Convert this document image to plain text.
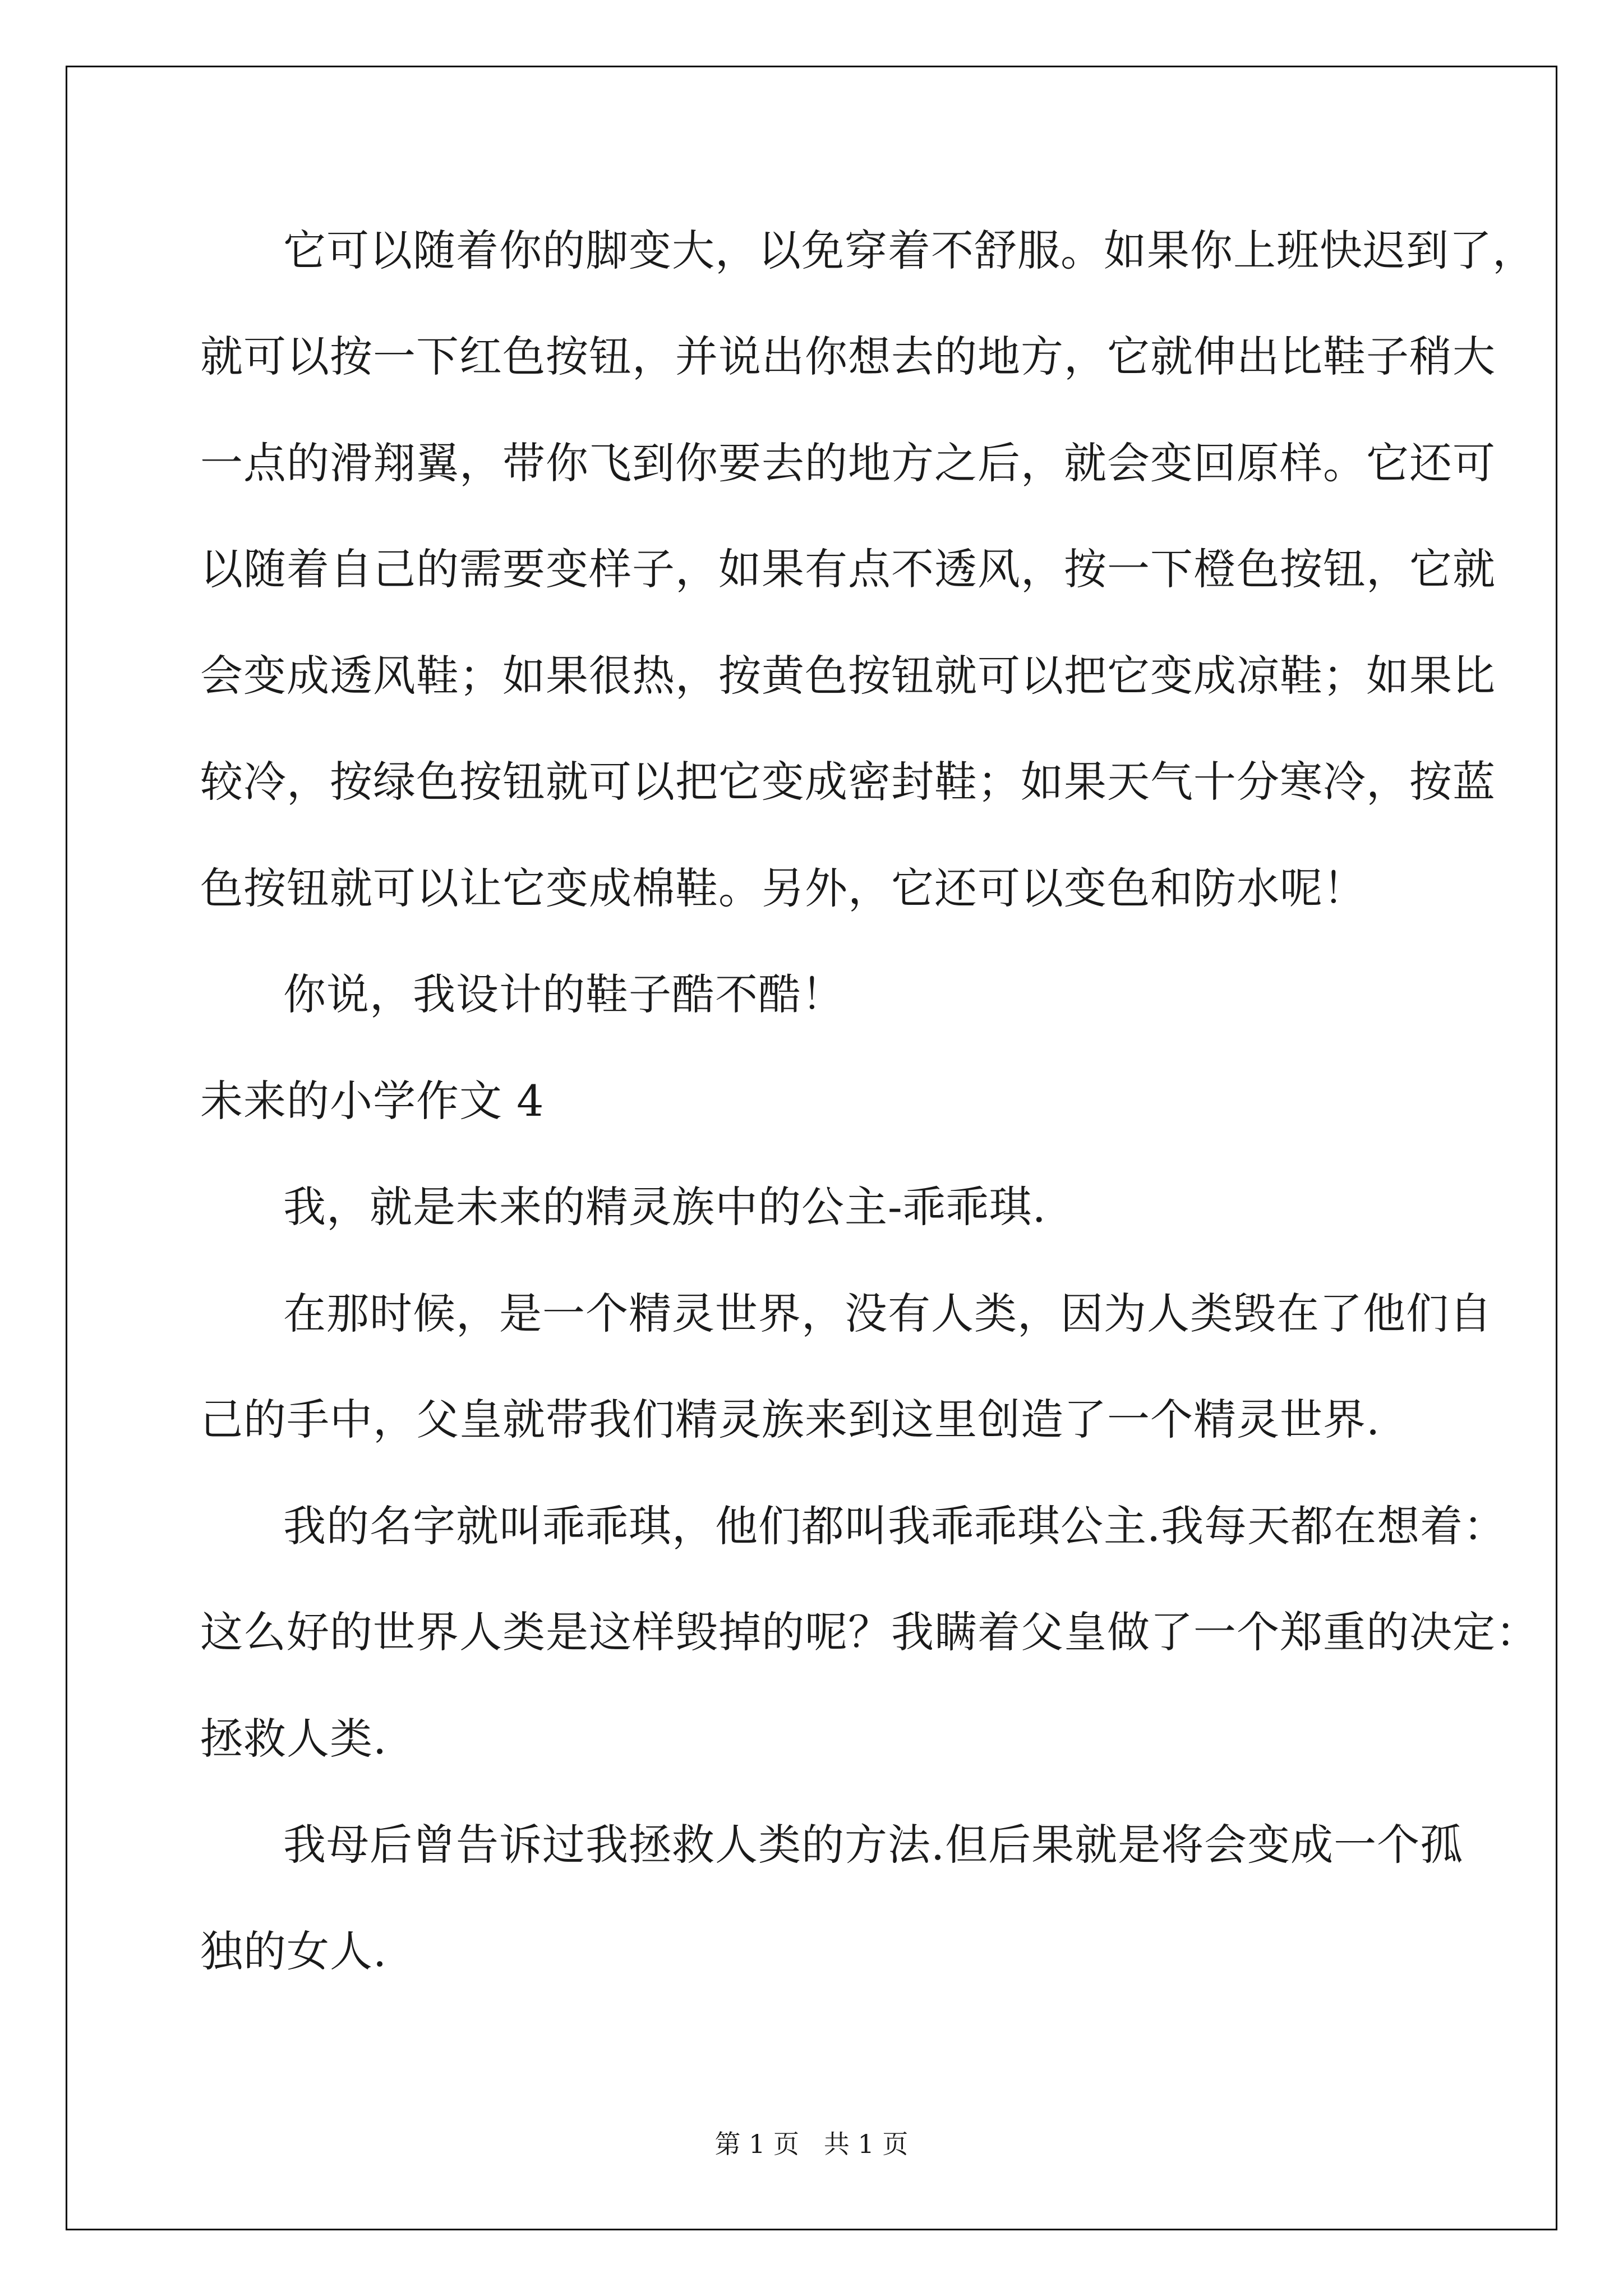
它可以随着你的脚变大，以免穿着不舒服。如果你上班快迟到了，
就可以按一下红色按钮，并说出你想去的地方，它就伸出比鞋子稍大
一点的滑翔翼，带你飞到你要去的地方之后，就会变回原样。它还可
以随着自己的需要变样子，如果有点不透风，按一下橙色按钮，它就
会变成透风鞋；如果很热，按黄色按钮就可以把它变成凉鞋；如果比
较冷，按绿色按钮就可以把它变成密封鞋；如果天气十分寒冷，按蓝
色按钮就可以让它变成棉鞋。另外，它还可以变色和防水呢！
你说，我设计的鞋子酷不酷！
未来的小学作文 4
我，就是未来的精灵族中的公主-乖乖琪.
在那时候，是一个精灵世界，没有人类，因为人类毁在了他们自
己的手中，父皇就带我们精灵族来到这里创造了一个精灵世界.
我的名字就叫乖乖琪，他们都叫我乖乖琪公主.我每天都在想着：
这么好的世界人类是这样毁掉的呢？我瞒着父皇做了一个郑重的决定：
拯救人类.
我母后曾告诉过我拯救人类的方法.但后果就是将会变成一个孤
独的女人.
第 1 页   共 1 页
